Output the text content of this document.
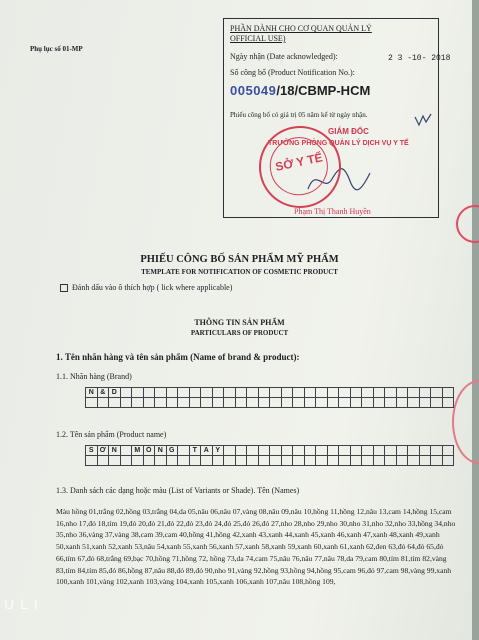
Phụ lục số 01-MP
PHẦN DÀNH CHO CƠ QUAN QUẢN LÝ
OFFICIAL USE)
Ngày nhận (Date acknowledged):	2 3 -10- 2018
Số công bố (Product Notification No.):
005049/18/CBMP-HCM
Phiếu công bố có giá trị 05 năm kể từ ngày nhận.
GIÁM ĐỐC
TRƯỞNG PHÒNG QUẢN LÝ DỊCH VỤ Y TẾ
Phạm Thị Thanh Huyền
SỞ Y TẾ
PHIẾU CÔNG BỐ SẢN PHẨM MỸ PHẨM
TEMPLATE FOR NOTIFICATION OF COSMETIC PRODUCT
Đánh dấu vào ô thích hợp ( lick where applicable)
THÔNG TIN SẢN PHẨM
PARTICULARS OF PRODUCT
1. Tên nhãn hàng và tên sản phẩm (Name of brand & product):
1.1. Nhãn hàng (Brand)
N & D
1.2. Tên sản phẩm (Product name)
S Ơ N	M Ó N G	T A Y
1.3. Danh sách các dạng hoặc màu (List of Variants or Shade). Tên (Names)
Màu hồng 01,trắng 02,hồng 03,trắng 04,da 05,nâu 06,nâu 07,vàng 08,nâu 09,nâu 10,hồng 11,hồng 12,nâu 13,cam 14,hồng 15,cam 16,nho 17,đỏ 18,tím 19,đỏ 20,đỏ 21,đỏ 22,đỏ 23,đỏ 24,đỏ 25,đỏ 26,đỏ 27,nho 28,nho 29,nho 30,nho 31,nho 32,nho 33,hồng 34,nho 35,nho 36,vàng 37,vàng 38,cam 39,cam 40,hồng 41,hồng 42,xanh 43,xanh 44,xanh 45,xanh 46,xanh 47,xanh 48,xanh 49,xanh 50,xanh 51,xanh 52,xanh 53,nâu 54,xanh 55,xanh 56,xanh 57,xanh 58,xanh 59,xanh 60,xanh 61,xanh 62,đen 63,đỏ 64,đỏ 65,đỏ 66,tím 67,đỏ 68,trắng 69,bạc 70,hồng 71,hồng 72, hồng 73,da 74,cam 75,nâu 76,nâu 77,nâu 78,da 79,cam 80,tím 81,tím 82,vàng 83,tím 84,tím 85,đỏ 86,hồng 87,nâu 88,đỏ 89,đỏ 90,nho 91,vàng 92,hồng 93,hồng 94,hồng 95,cam 96,đỏ 97,cam 98,vàng 99,xanh 100,xanh 101,vàng 102,xanh 103,vàng 104,xanh 105,xanh 106,xanh 107,nâu 108,hồng 109,
ULI
